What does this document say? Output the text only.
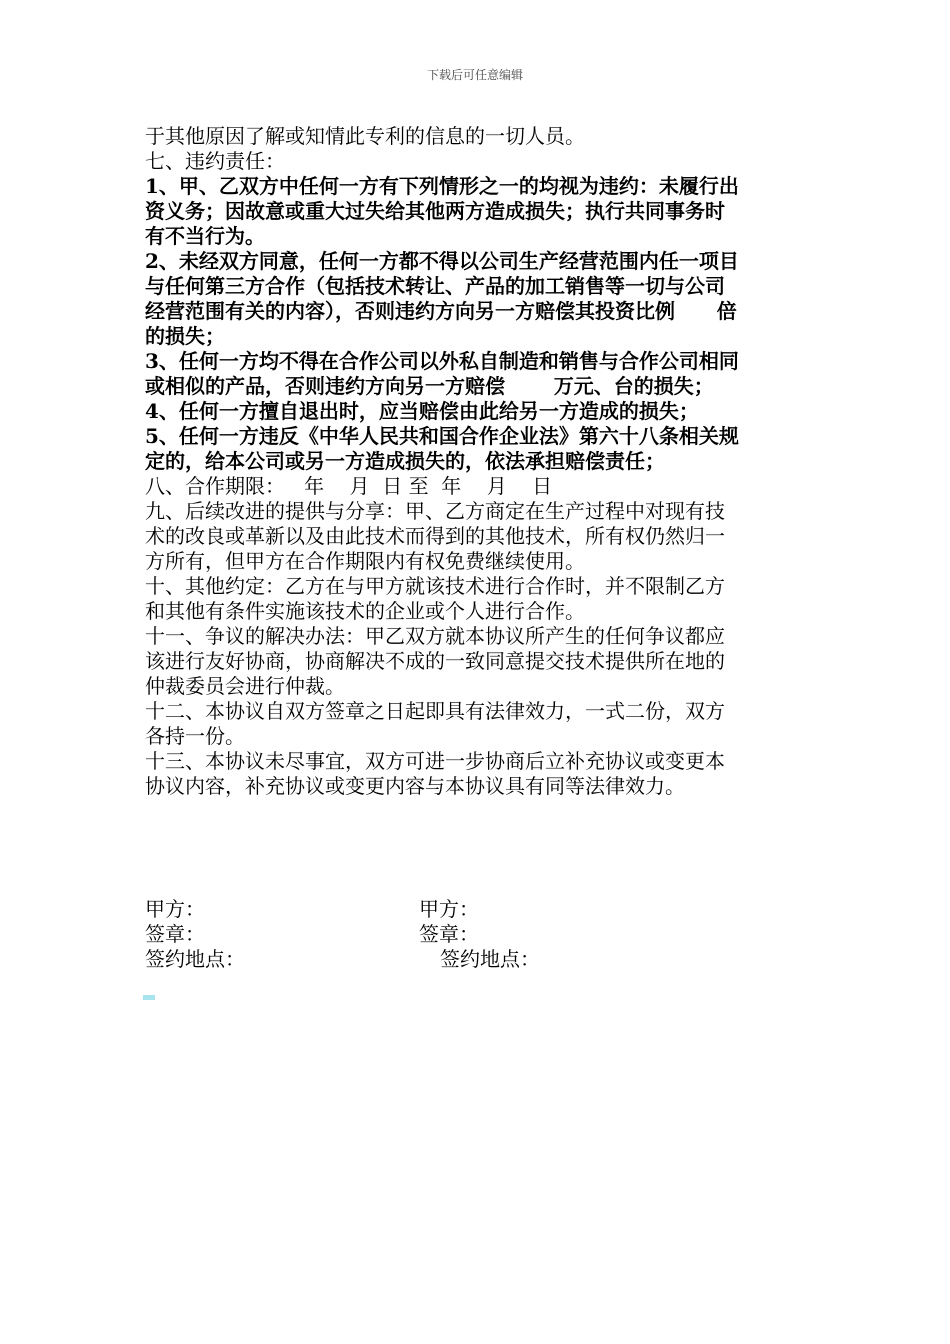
下载后可任意编辑
于其他原因了解或知情此专利的信息的一切人员。
七、违约责任：
1、甲、乙双方中任何一方有下列情形之一的均视为违约：未履行出
资义务；因故意或重大过失给其他两方造成损失；执行共同事务时
有不当行为。
2、未经双方同意，任何一方都不得以公司生产经营范围内任一项目
与任何第三方合作（包括技术转让、产品的加工销售等一切与公司
经营范围有关的内容），否则违约方向另一方赔偿其投资比例      倍
的损失；
3、任何一方均不得在合作公司以外私自制造和销售与合作公司相同
或相似的产品，否则违约方向另一方赔偿       万元、台的损失；
4、任何一方擅自退出时，应当赔偿由此给另一方造成的损失；
5、任何一方违反《中华人民共和国合作企业法》第六十八条相关规
定的，给本公司或另一方造成损失的，依法承担赔偿责任；
八、合作期限：   年    月  日 至  年    月    日
九、后续改进的提供与分享：甲、乙方商定在生产过程中对现有技
术的改良或革新以及由此技术而得到的其他技术，所有权仍然归一
方所有，但甲方在合作期限内有权免费继续使用。
十、其他约定：乙方在与甲方就该技术进行合作时，并不限制乙方
和其他有条件实施该技术的企业或个人进行合作。
十一、争议的解决办法：甲乙双方就本协议所产生的任何争议都应
该进行友好协商，协商解决不成的一致同意提交技术提供所在地的
仲裁委员会进行仲裁。
十二、本协议自双方签章之日起即具有法律效力，一式二份，双方
各持一份。
十三、本协议未尽事宜，双方可进一步协商后立补充协议或变更本
协议内容，补充协议或变更内容与本协议具有同等法律效力。
甲方：
签章：
签约地点：
甲方：
签章：
签约地点：
